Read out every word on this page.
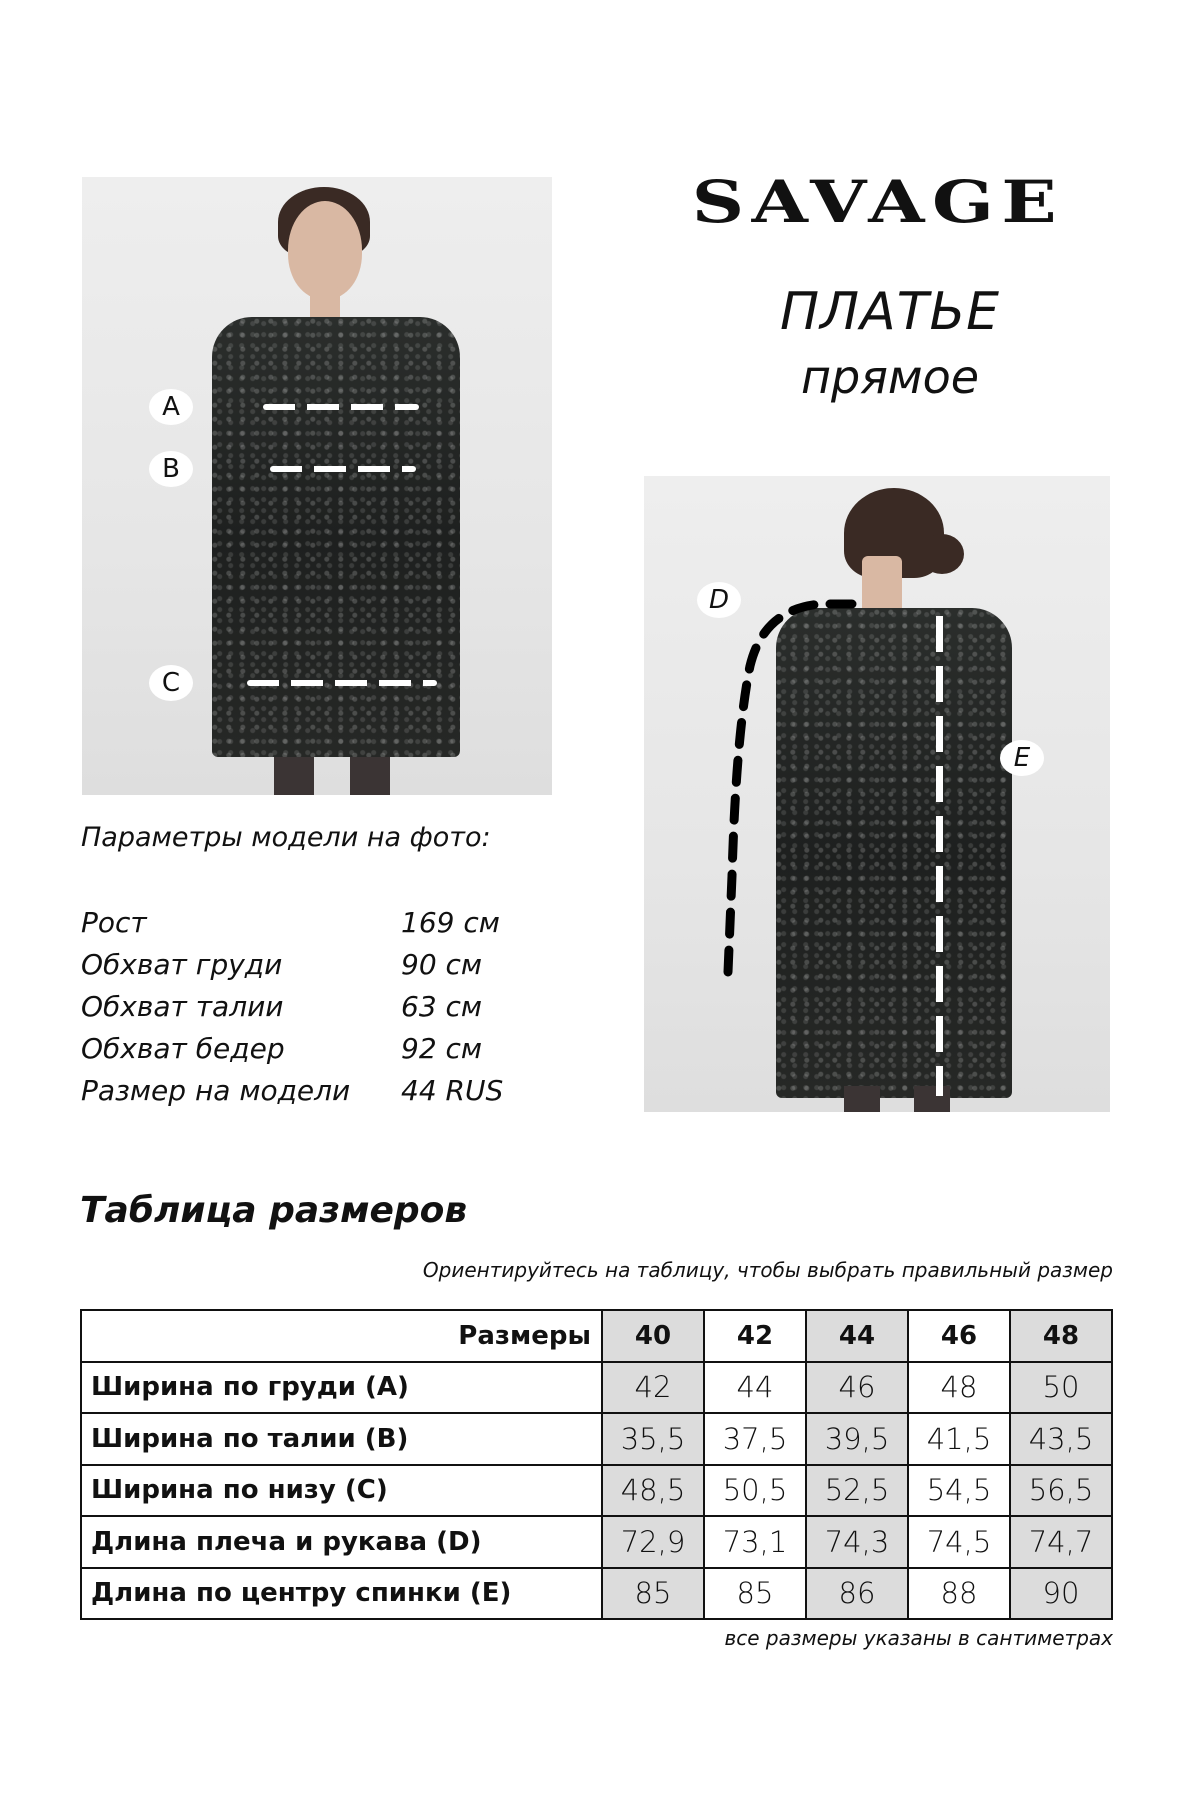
A
B
C
SAVAGE
ПЛАТЬЕ
прямое
D
E
Параметры модели на фото:
Рост	169 см
Обхват груди	90 см
Обхват талии	63 см
Обхват бедер	92 см
Размер на модели	44 RUS
Таблица размеров
Ориентируйтесь на таблицу, чтобы выбрать правильный размер
Размеры	40	42	44	46	48
Ширина по груди (A)	42	44	46	48	50
Ширина по талии (B)	35,5	37,5	39,5	41,5	43,5
Ширина по низу (C)	48,5	50,5	52,5	54,5	56,5
Длина плеча и рукава (D)	72,9	73,1	74,3	74,5	74,7
Длина по центру спинки (E)	85	85	86	88	90
все размеры указаны в сантиметрах
